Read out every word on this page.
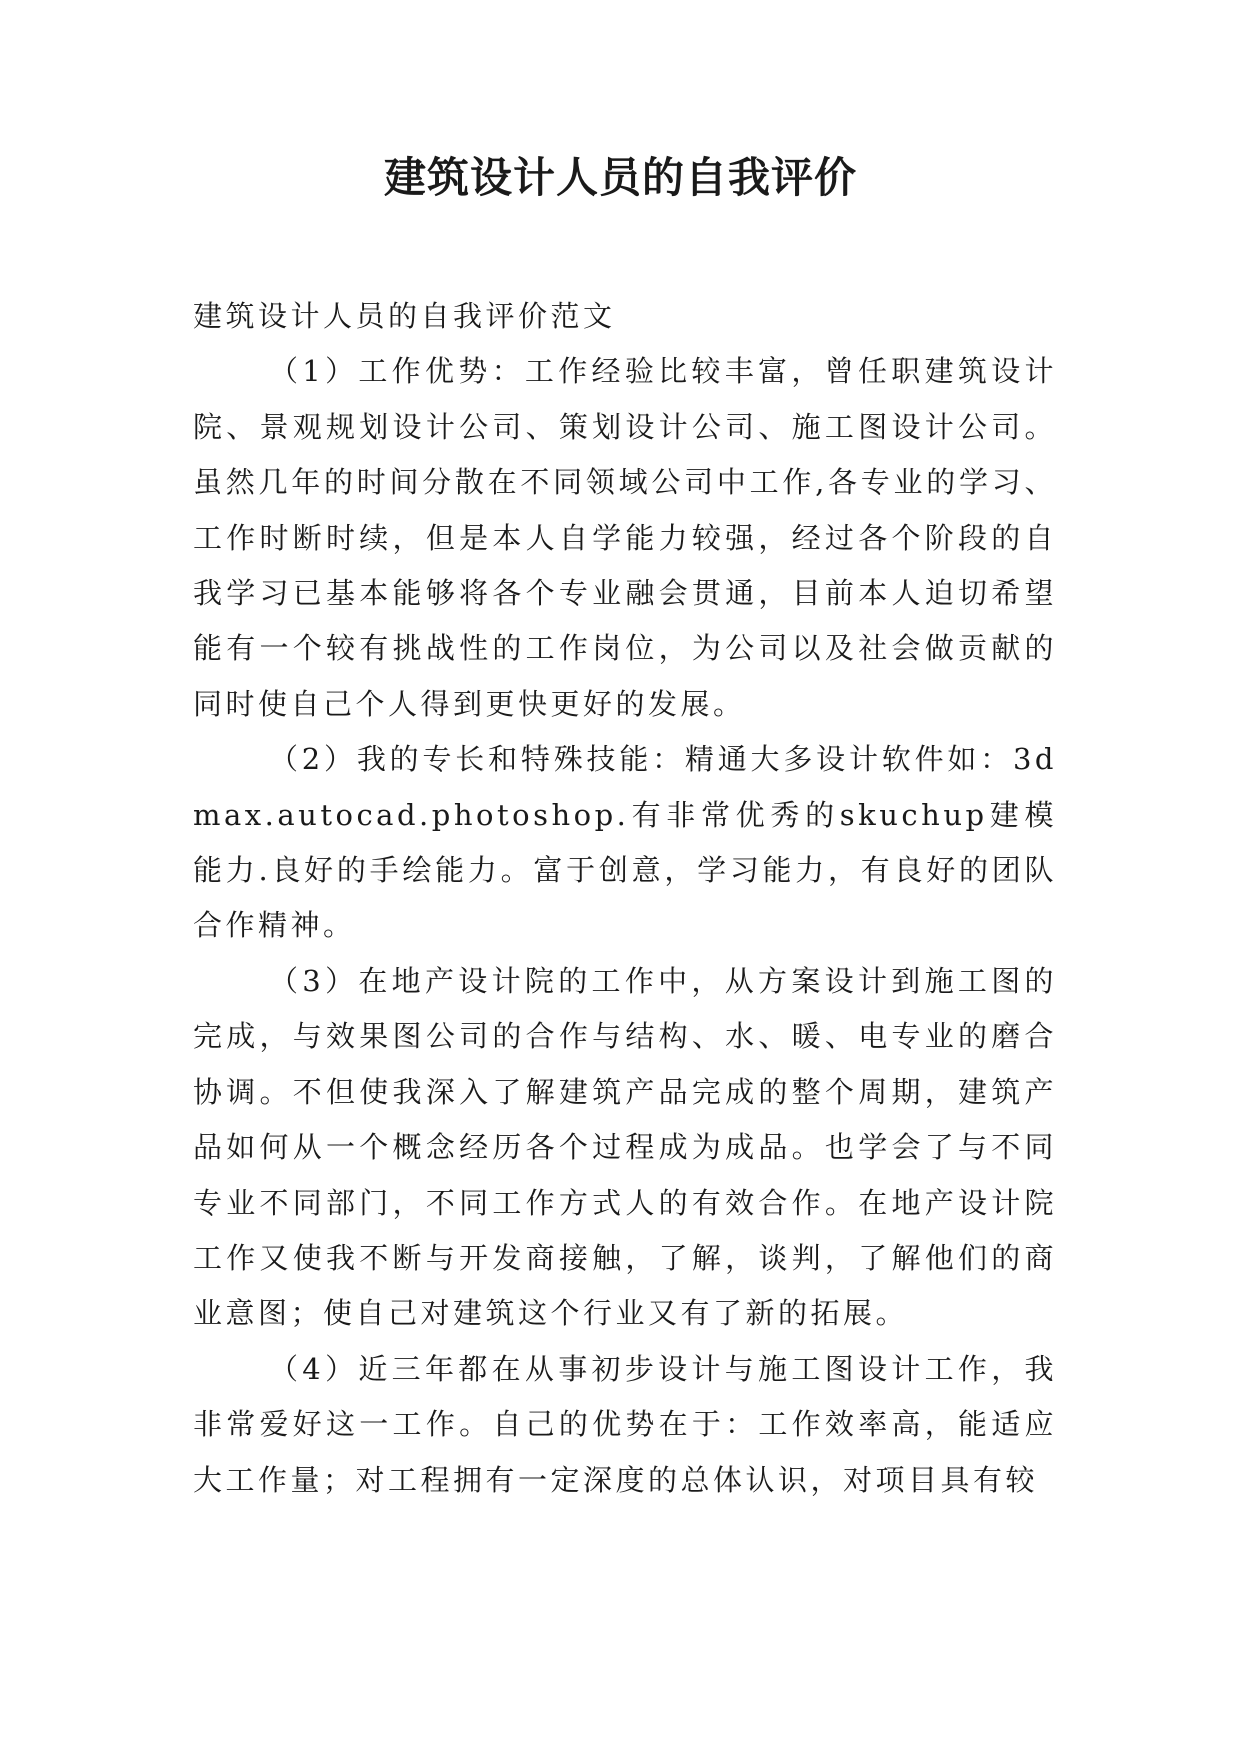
建筑设计人员的自我评价

建筑设计人员的自我评价范文

（1）工作优势：工作经验比较丰富，曾任职建筑设计院、景观规划设计公司、策划设计公司、施工图设计公司。虽然几年的时间分散在不同领域公司中工作,各专业的学习、工作时断时续，但是本人自学能力较强，经过各个阶段的自我学习已基本能够将各个专业融会贯通，目前本人迫切希望能有一个较有挑战性的工作岗位，为公司以及社会做贡献的同时使自己个人得到更快更好的发展。

（2）我的专长和特殊技能：精通大多设计软件如：3dmax.autocad.photoshop.有非常优秀的skuchup建模能力.良好的手绘能力。富于创意，学习能力，有良好的团队合作精神。

（3）在地产设计院的工作中，从方案设计到施工图的完成，与效果图公司的合作与结构、水、暖、电专业的磨合协调。不但使我深入了解建筑产品完成的整个周期，建筑产品如何从一个概念经历各个过程成为成品。也学会了与不同专业不同部门，不同工作方式人的有效合作。在地产设计院工作又使我不断与开发商接触，了解，谈判，了解他们的商业意图；使自己对建筑这个行业又有了新的拓展。

（4）近三年都在从事初步设计与施工图设计工作，我非常爱好这一工作。自己的优势在于：工作效率高，能适应大工作量；对工程拥有一定深度的总体认识，对项目具有较
